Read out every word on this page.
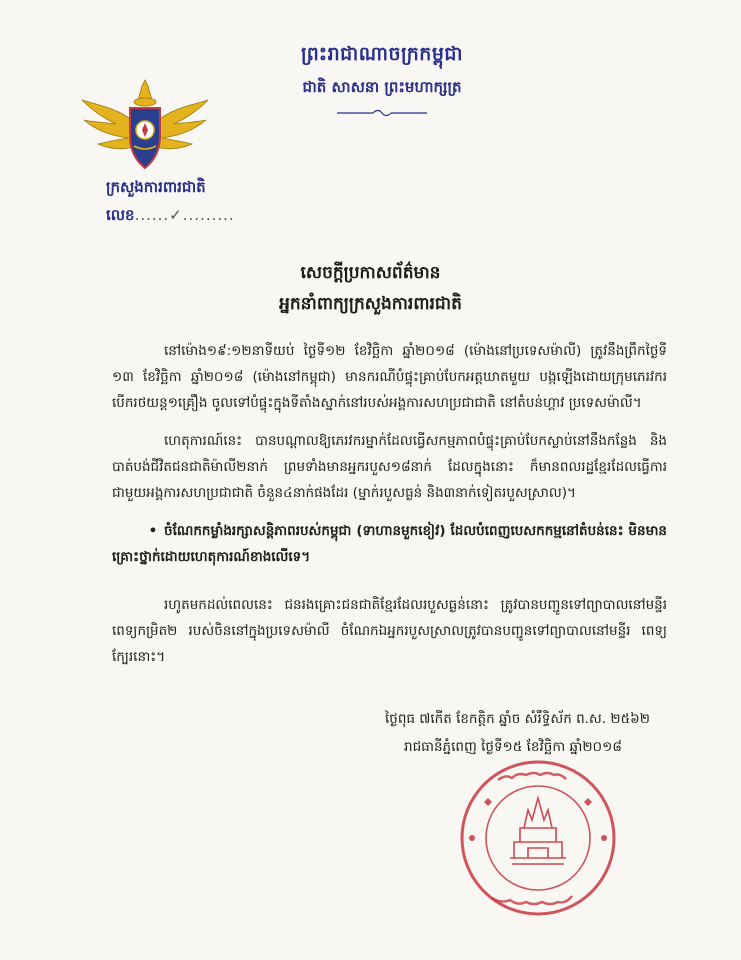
ព្រះរាជាណាចក្រកម្ពុជា
ជាតិ សាសនា ព្រះមហាក្សត្រ
ក្រសួងការពារជាតិ
លេខ......✓.........
សេចក្តីប្រកាសព័ត៌មាន
អ្នកនាំពាក្យក្រសួងការពារជាតិ
នៅម៉ោង១៩:១២នាទីយប់ ថ្ងៃទី១២ ខែវិច្ឆិកា ឆ្នាំ២០១៨ (ម៉ោងនៅប្រទេសម៉ាលី) ត្រូវនឹងព្រឹកថ្ងៃទី ១៣ ខែវិច្ឆិកា ឆ្នាំ២០១៨ (ម៉ោងនៅកម្ពុជា) មានករណីបំផ្ទុះគ្រាប់បែកអត្តឃាតមួយ បង្កឡើងដោយក្រុមភេរវករ បើករថយន្ត១គ្រឿង ចូលទៅបំផ្ទុះក្នុងទីតាំងស្នាក់នៅរបស់អង្គការសហប្រជាជាតិ នៅតំបន់ហ្គាវ ប្រទេសម៉ាលី។
ហេតុការណ៍នេះ បានបណ្តាលឱ្យភេរវករម្នាក់ដែលធ្វើសកម្មភាពបំផ្ទុះគ្រាប់បែកស្លាប់នៅនឹងកន្លែង និង បាត់បង់ជីវិតជនជាតិម៉ាលី២នាក់ ព្រមទាំងមានអ្នករបួស១៨នាក់ ដែលក្នុងនោះ ក៏មានពលរដ្ឋខ្មែរដែលធ្វើការ ជាមួយអង្គការសហប្រជាជាតិ ចំនួន៤នាក់ផងដែរ (ម្នាក់របួសធ្ងន់ និង៣នាក់ទៀតរបួសស្រាល)។
• ចំណែកកម្លាំងរក្សាសន្តិភាពរបស់កម្ពុជា (ទាហានមួកខៀវ) ដែលបំពេញបេសកកម្មនៅតំបន់នេះ មិនមានគ្រោះថ្នាក់ដោយហេតុការណ៍ខាងលើទេ។
រហូតមកដល់ពេលនេះ ជនរងគ្រោះជនជាតិខ្មែរដែលរបួសធ្ងន់នោះ ត្រូវបានបញ្ជូនទៅព្យាបាលនៅមន្ទីរ ពេទ្យកម្រិត២ របស់ចិននៅក្នុងប្រទេសម៉ាលី ចំណែកឯអ្នករបួសស្រាលត្រូវបានបញ្ជូនទៅព្យាបាលនៅមន្ទីរ ពេទ្យក្បែរនោះ។
ថ្ងៃពុធ ៧កើត ខែកត្តិក ឆ្នាំច សំរឹទ្ធិស័ក ព.ស. ២៥៦២
រាជធានីភ្នំពេញ ថ្ងៃទី១៥ ខែវិច្ឆិកា ឆ្នាំ២០១៨
